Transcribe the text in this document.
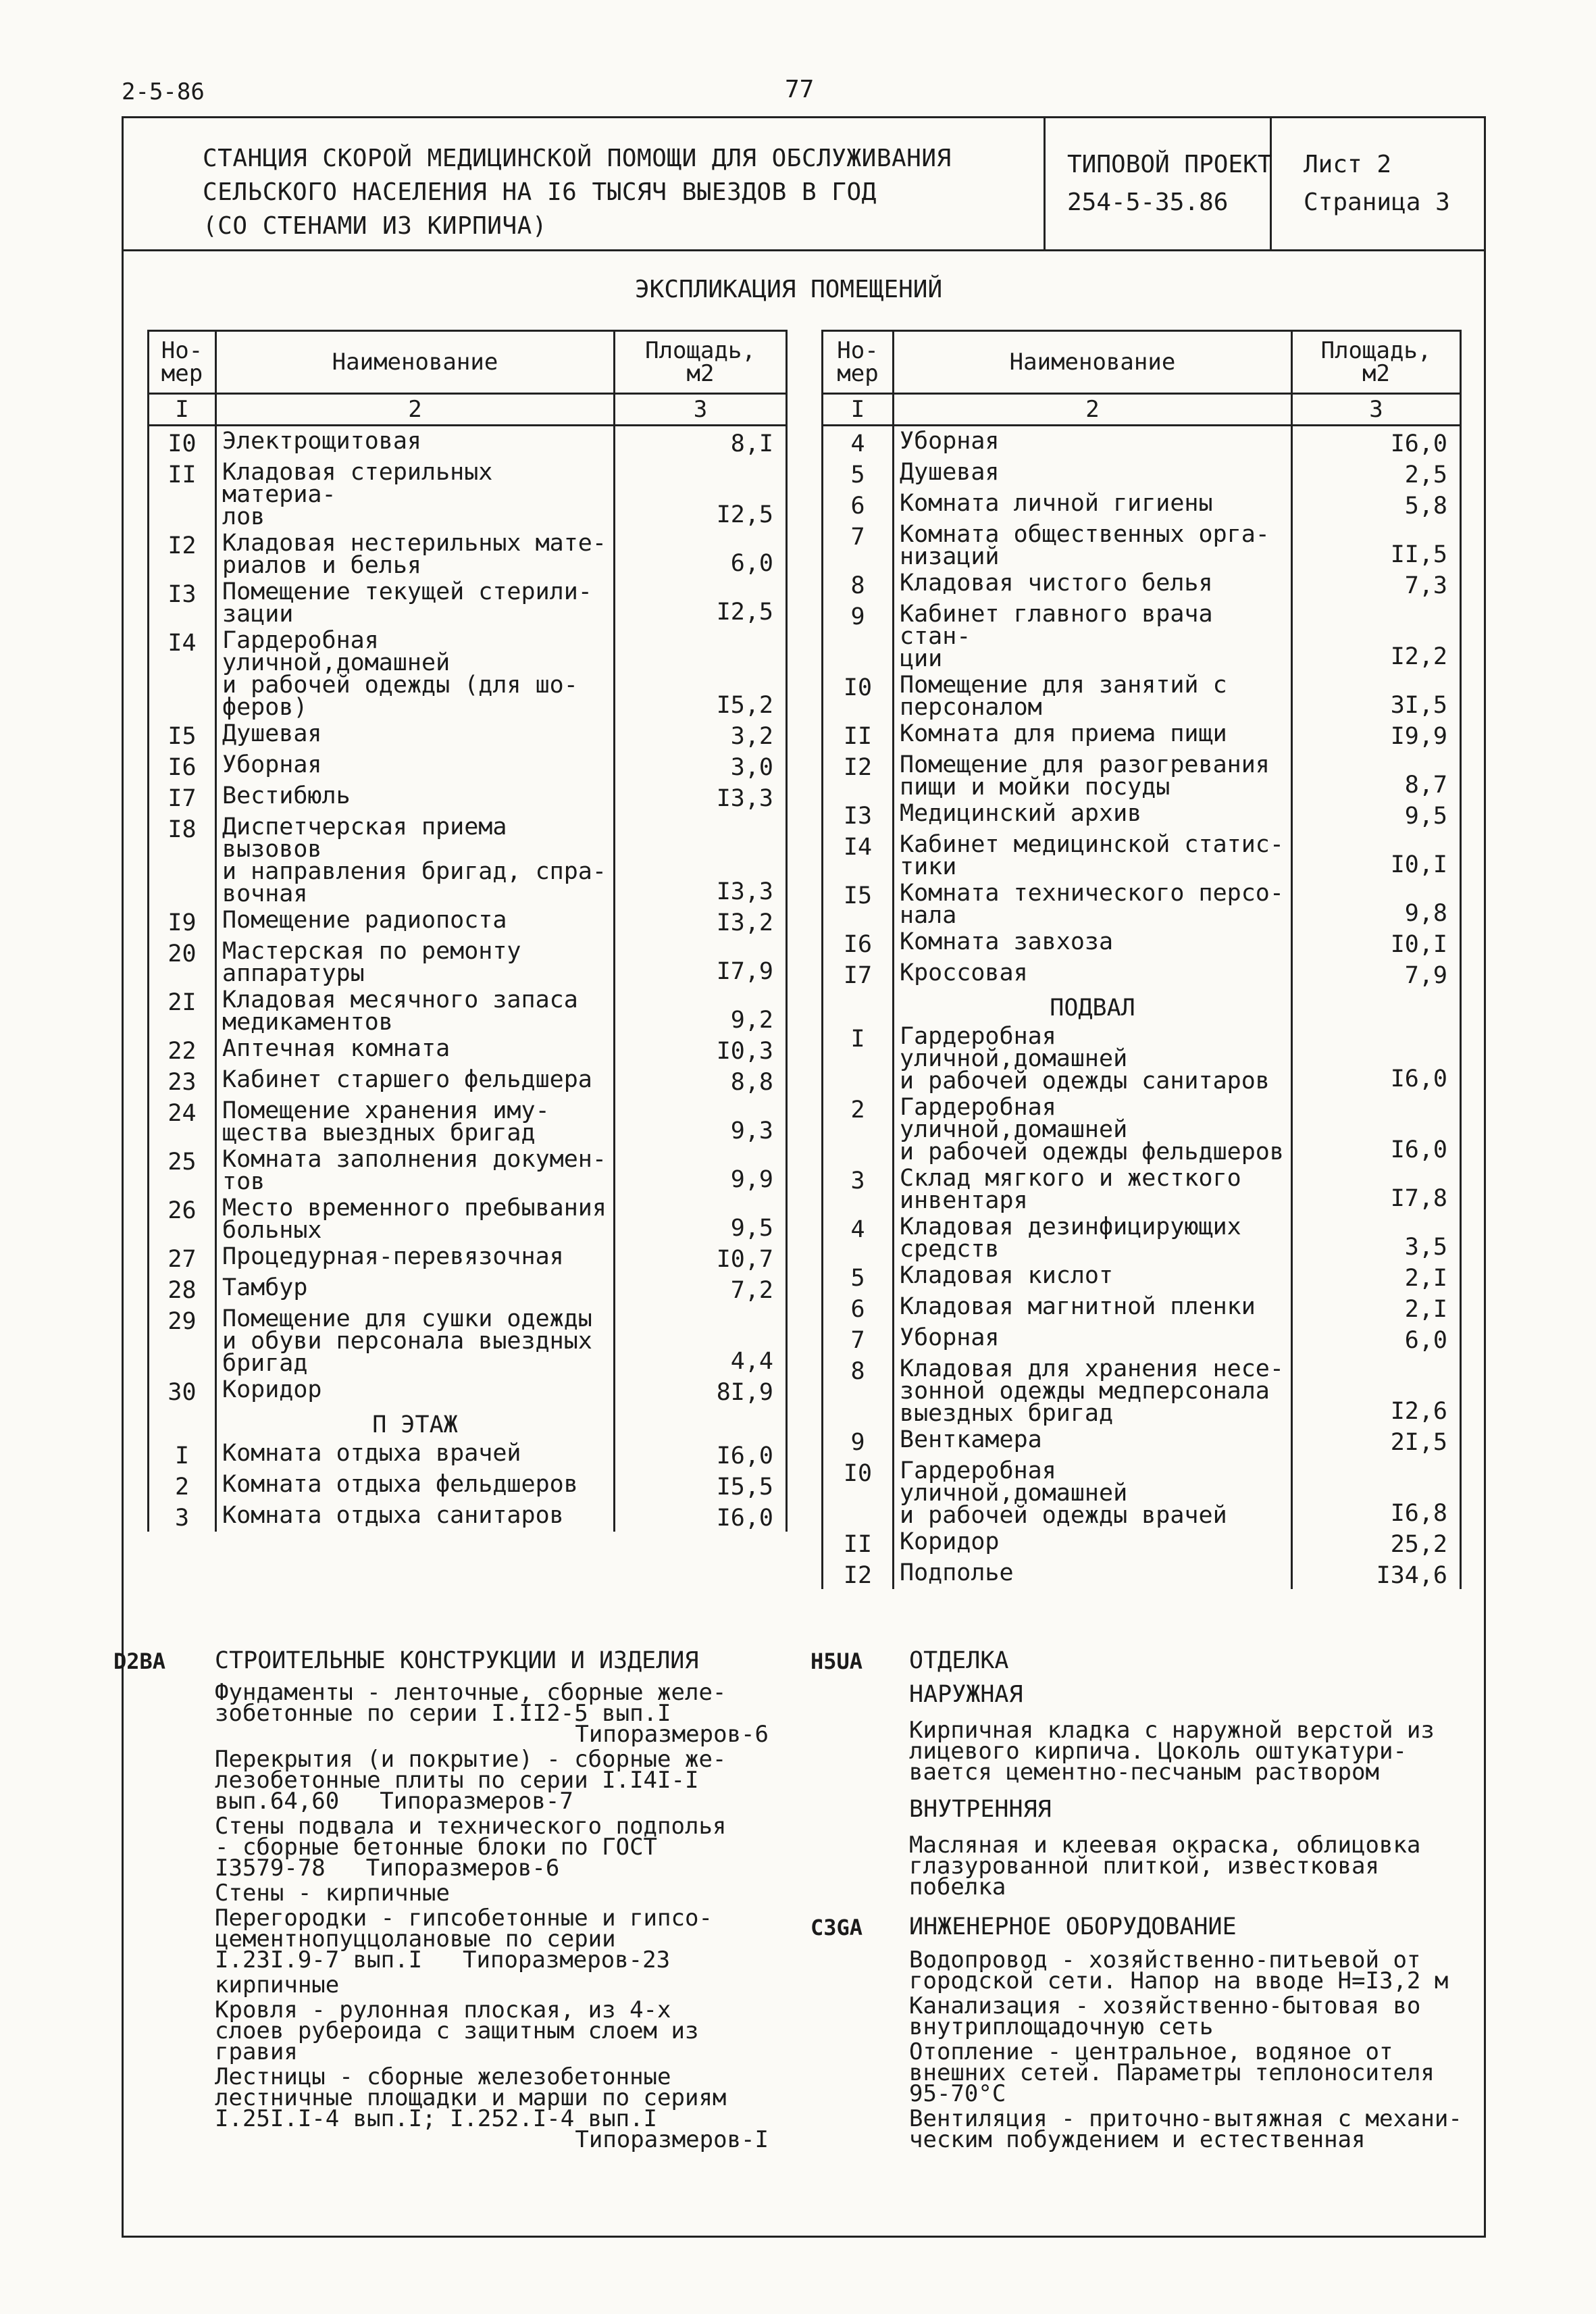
2-5-86	77
СТАНЦИЯ СКОРОЙ МЕДИЦИНСКОЙ ПОМОЩИ ДЛЯ ОБСЛУЖИВАНИЯ
СЕЛЬСКОГО НАСЕЛЕНИЯ НА I6 ТЫСЯЧ ВЫЕЗДОВ В ГОД
(СО СТЕНАМИ ИЗ КИРПИЧА)
ТИПОВОЙ ПРОЕКТ
254-5-35.86
Лист 2
Страница 3
ЭКСПЛИКАЦИЯ ПОМЕЩЕНИЙ
Но-
мер	Наименование	Площадь,
м2
I	2	3
I0	Электрощитовая	8,I
II	Кладовая стерильных материа-
лов	I2,5
I2	Кладовая нестерильных мате-
риалов и белья	6,0
I3	Помещение текущей стерили-
зации	I2,5
I4	Гардеробная уличной,домашней
и рабочей одежды (для шо-
феров)	I5,2
I5	Душевая	3,2
I6	Уборная	3,0
I7	Вестибюль	I3,3
I8	Диспетчерская приема вызовов
и направления бригад, спра-
вочная	I3,3
I9	Помещение радиопоста	I3,2
20	Мастерская по ремонту
аппаратуры	I7,9
2I	Кладовая месячного запаса
медикаментов	9,2
22	Аптечная комната	I0,3
23	Кабинет старшего фельдшера	8,8
24	Помещение хранения иму-
щества выездных бригад	9,3
25	Комната заполнения докумен-
тов	9,9
26	Место временного пребывания
больных	9,5
27	Процедурная-перевязочная	I0,7
28	Тамбур	7,2
29	Помещение для сушки одежды
и обуви персонала выездных
бригад	4,4
30	Коридор	8I,9
	П ЭТАЖ	
I	Комната отдыха врачей	I6,0
2	Комната отдыха фельдшеров	I5,5
3	Комната отдыха санитаров	I6,0
Но-
мер	Наименование	Площадь,
м2
I	2	3
4	Уборная	I6,0
5	Душевая	2,5
6	Комната личной гигиены	5,8
7	Комната общественных орга-
низаций	II,5
8	Кладовая чистого белья	7,3
9	Кабинет главного врача стан-
ции	I2,2
I0	Помещение для занятий с
персоналом	3I,5
II	Комната для приема пищи	I9,9
I2	Помещение для разогревания
пищи и мойки посуды	8,7
I3	Медицинский архив	9,5
I4	Кабинет медицинской статис-
тики	I0,I
I5	Комната технического персо-
нала	9,8
I6	Комната завхоза	I0,I
I7	Кроссовая	7,9
	ПОДВАЛ	
I	Гардеробная уличной,домашней
и рабочей одежды санитаров	I6,0
2	Гардеробная уличной,домашней
и рабочей одежды фельдшеров	I6,0
3	Склад мягкого и жесткого
инвентаря	I7,8
4	Кладовая дезинфицирующих
средств	3,5
5	Кладовая кислот	2,I
6	Кладовая магнитной пленки	2,I
7	Уборная	6,0
8	Кладовая для хранения несе-
зонной одежды медперсонала
выездных бригад	I2,6
9	Венткамера	2I,5
I0	Гардеробная уличной,домашней
и рабочей одежды врачей	I6,8
II	Коридор	25,2
I2	Подполье	I34,6
D2BA СТРОИТЕЛЬНЫЕ КОНСТРУКЦИИ И ИЗДЕЛИЯ

Фундаменты - ленточные, сборные желе-
зобетонные по серии I.II2-5 вып.I
Типоразмеров-6

Перекрытия (и покрытие) - сборные же-
лезобетонные плиты по серии I.I4I-I
вып.64,60 Типоразмеров-7

Стены подвала и технического подполья
- сборные бетонные блоки по ГОСТ
I3579-78 Типоразмеров-6

Стены - кирпичные

Перегородки - гипсобетонные и гипсо-
цементнопуццолановые по серии
I.23I.9-7 вып.I Типоразмеров-23

кирпичные

Кровля - рулонная плоская, из 4-х
слоев рубероида с защитным слоем из
гравия

Лестницы - сборные железобетонные
лестничные площадки и марши по сериям
I.25I.I-4 вып.I; I.252.I-4 вып.I
Типоразмеров-I

H5UA ОТДЕЛКА
НАРУЖНАЯ
Кирпичная кладка с наружной верстой из
лицевого кирпича. Цоколь оштукатури-
вается цементно-песчаным раствором
ВНУТРЕННЯЯ
Масляная и клеевая окраска, облицовка
глазурованной плиткой, известковая
побелка
C3GA ИНЖЕНЕРНОЕ ОБОРУДОВАНИЕ

Водопровод - хозяйственно-питьевой от
городской сети. Напор на вводе Н=I3,2 м

Канализация - хозяйственно-бытовая во
внутриплощадочную сеть

Отопление - центральное, водяное от
внешних сетей. Параметры теплоносителя
95-70°С

Вентиляция - приточно-вытяжная с механи-
ческим побуждением и естественная
